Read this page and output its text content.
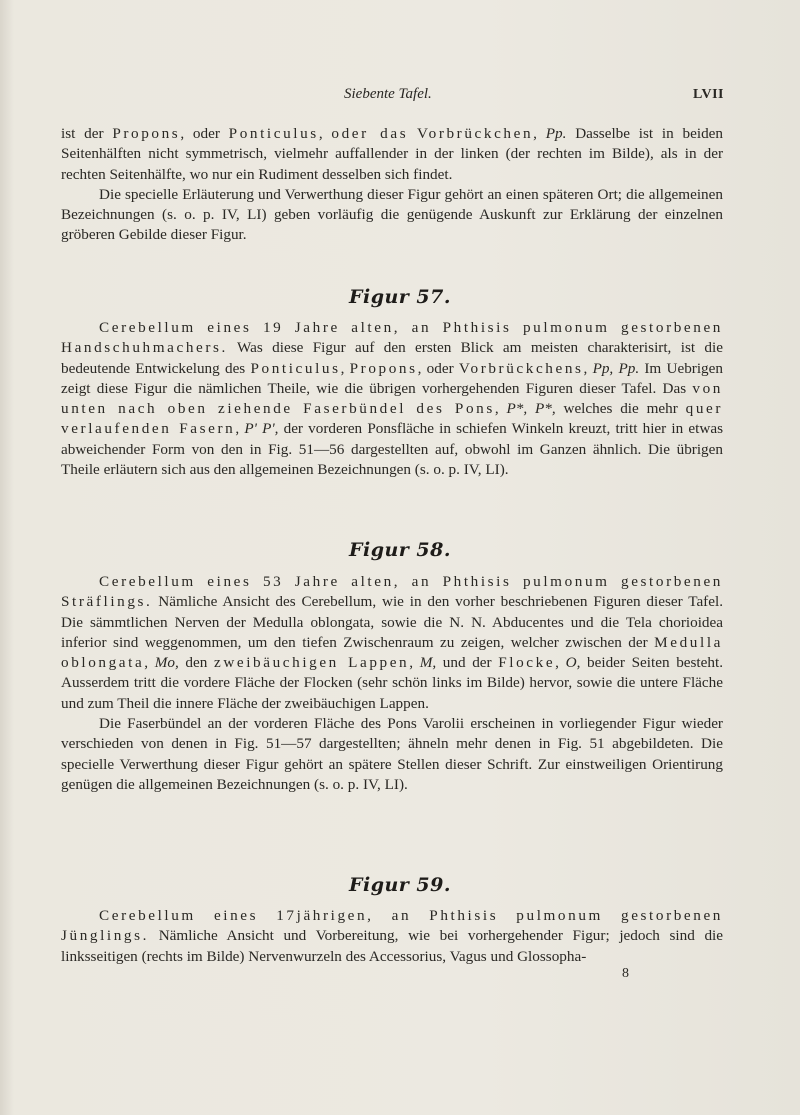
Siebente Tafel.	LVII

ist der Propons, oder Ponticulus, oder das Vorbrückchen, Pp. Dasselbe ist in beiden Seitenhälften nicht symmetrisch, vielmehr auffallender in der linken (der rechten im Bilde), als in der rechten Seitenhälfte, wo nur ein Rudiment desselben sich findet.

Die specielle Erläuterung und Verwerthung dieser Figur gehört an einen späteren Ort; die allgemeinen Bezeichnungen (s. o. p. IV, LI) geben vorläufig die genügende Auskunft zur Erklärung der einzelnen gröberen Gebilde dieser Figur.

Figur 57.

Cerebellum eines 19 Jahre alten, an Phthisis pulmonum gestorbenen Handschuhmachers. Was diese Figur auf den ersten Blick am meisten charakterisirt, ist die bedeutende Entwickelung des Ponticulus, Propons, oder Vorbrückchens, Pp, Pp. Im Uebrigen zeigt diese Figur die nämlichen Theile, wie die übrigen vorhergehenden Figuren dieser Tafel. Das von unten nach oben ziehende Faserbündel des Pons, P*, P*, welches die mehr quer verlaufenden Fasern, P' P', der vorderen Ponsfläche in schiefen Winkeln kreuzt, tritt hier in etwas abweichender Form von den in Fig. 51—56 dargestellten auf, obwohl im Ganzen ähnlich. Die übrigen Theile erläutern sich aus den allgemeinen Bezeichnungen (s. o. p. IV, LI).

Figur 58.

Cerebellum eines 53 Jahre alten, an Phthisis pulmonum gestorbenen Sträflings. Nämliche Ansicht des Cerebellum, wie in den vorher beschriebenen Figuren dieser Tafel. Die sämmtlichen Nerven der Medulla oblongata, sowie die N. N. Abducentes und die Tela chorioidea inferior sind weggenommen, um den tiefen Zwischenraum zu zeigen, welcher zwischen der Medulla oblongata, Mo, den zweibäuchigen Lappen, M, und der Flocke, O, beider Seiten besteht. Ausserdem tritt die vordere Fläche der Flocken (sehr schön links im Bilde) hervor, sowie die untere Fläche und zum Theil die innere Fläche der zweibäuchigen Lappen.

Die Faserbündel an der vorderen Fläche des Pons Varolii erscheinen in vorliegender Figur wieder verschieden von denen in Fig. 51—57 dargestellten; ähneln mehr denen in Fig. 51 abgebildeten. Die specielle Verwerthung dieser Figur gehört an spätere Stellen dieser Schrift. Zur einstweiligen Orientirung genügen die allgemeinen Bezeichnungen (s. o. p. IV, LI).

Figur 59.

Cerebellum eines 17jährigen, an Phthisis pulmonum gestorbenen Jünglings. Nämliche Ansicht und Vorbereitung, wie bei vorhergehender Figur; jedoch sind die linksseitigen (rechts im Bilde) Nervenwurzeln des Accessorius, Vagus und Glossopha-

8
